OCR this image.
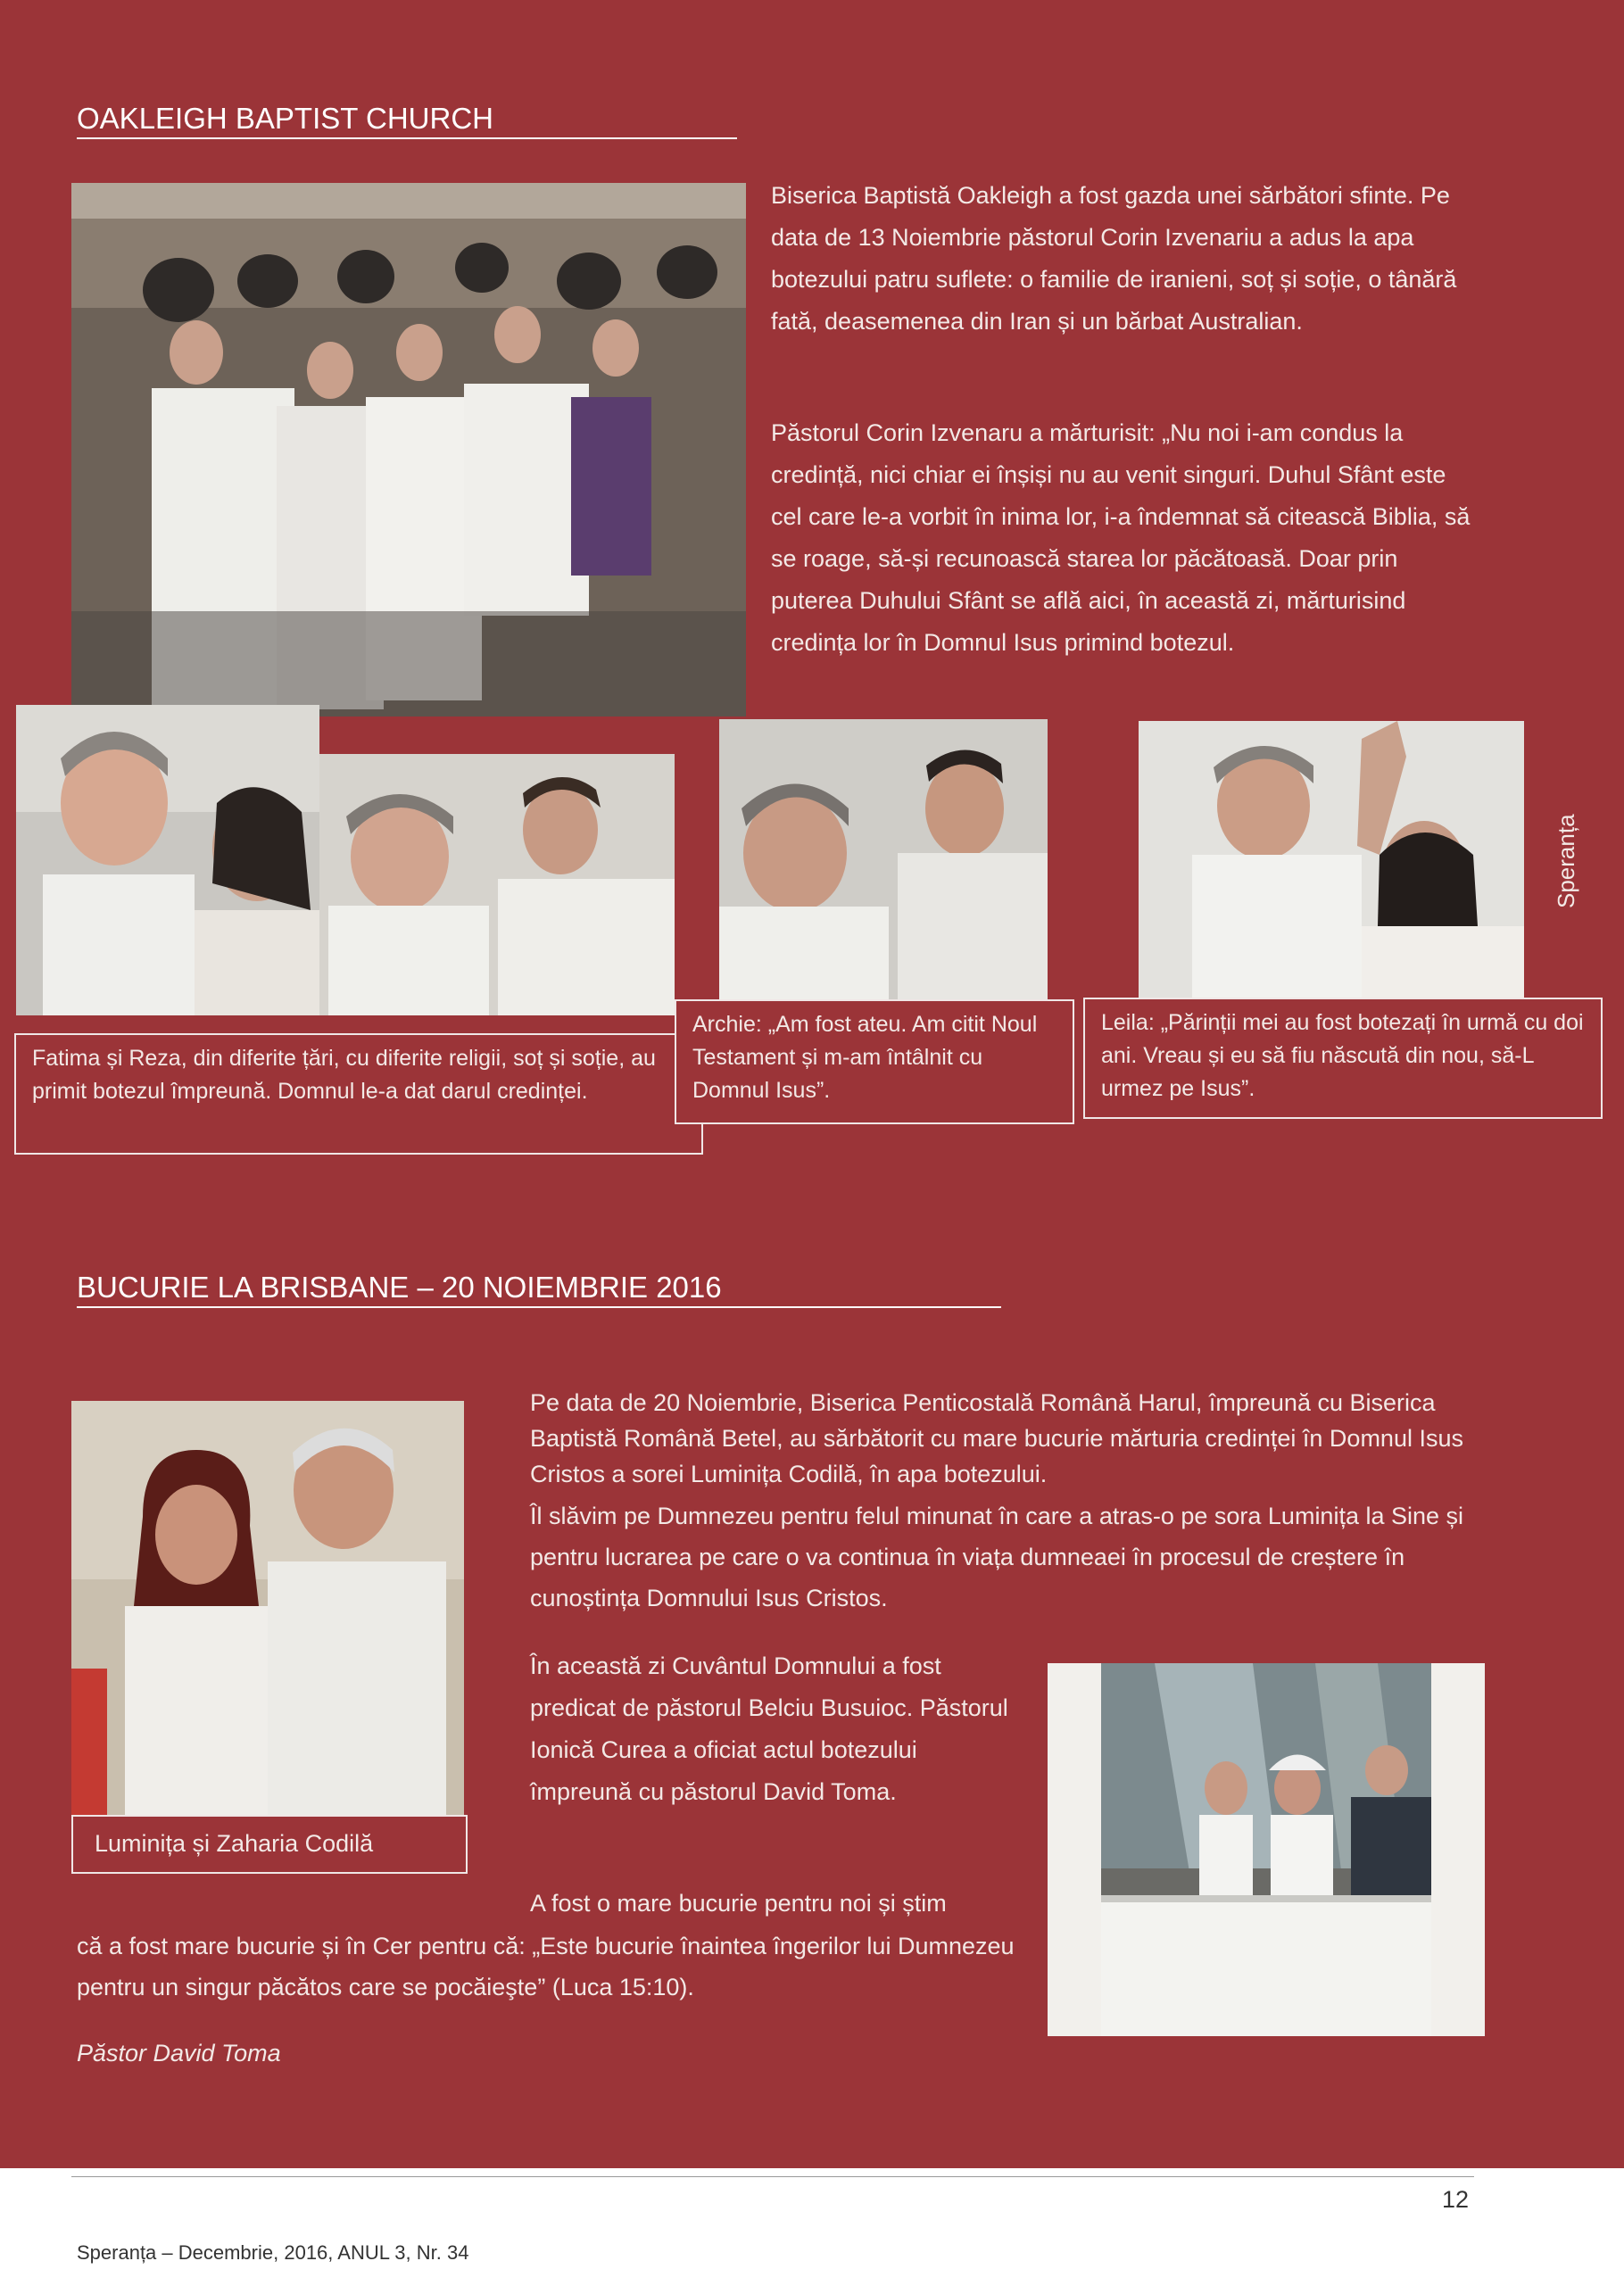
OAKLEIGH BAPTIST CHURCH

Biserica Baptistă Oakleigh a fost gazda unei sărbători sfinte. Pe data de 13 Noiembrie păstorul Corin Izvenariu a adus la apa botezului patru suflete: o familie de iranieni, soț și soție, o tânără fată, deasemenea din Iran și un bărbat Australian.

Păstorul Corin Izvenaru a mărturisit: „Nu noi i-am condus la credință, nici chiar ei înșiși nu au venit singuri. Duhul Sfânt este cel care le-a vorbit în inima lor, i-a îndemnat să citească Biblia, să se roage, să-și recunoască starea lor păcătoasă. Doar prin puterea Duhului Sfânt se află aici, în această zi, mărturisind credința lor în Domnul Isus primind botezul.

Speranța
Fatima și Reza, din diferite țări, cu diferite religii, soț și soție, au primit botezul împreună. Domnul le-a dat darul credinței.
Archie: „Am fost ateu. Am citit Noul Testament și m-am întâlnit cu Domnul Isus”.
Leila: „Părinții mei au fost botezați în urmă cu doi ani. Vreau și eu să fiu născută din nou, să-L urmez pe Isus”.
BUCURIE LA BRISBANE – 20 NOIEMBRIE 2016
Luminița și Zaharia Codilă

Pe data de 20 Noiembrie, Biserica Penticostală Română Harul, împreună cu Biserica Baptistă Română Betel, au sărbătorit cu mare bucurie mărturia credinței în Domnul Isus Cristos a sorei Luminița Codilă, în apa botezului.

Îl slăvim pe Dumnezeu pentru felul minunat în care a atras-o pe sora Luminița la Sine și pentru lucrarea pe care o va continua în viața dumneaei în procesul de creștere în cunoștința Domnului Isus Cristos.

În această zi Cuvântul Domnului a fost predicat de păstorul Belciu Busuioc. Păstorul Ionică Curea a oficiat actul botezului împreună cu păstorul David Toma.

A fost o mare bucurie pentru noi și știm

că a fost mare bucurie și în Cer pentru că: „Este bucurie înaintea îngerilor lui Dumnezeu pentru un singur păcătos care se pocăieşte” (Luca 15:10).

Păstor David Toma
12
Speranța – Decembrie, 2016, ANUL 3, Nr. 34
